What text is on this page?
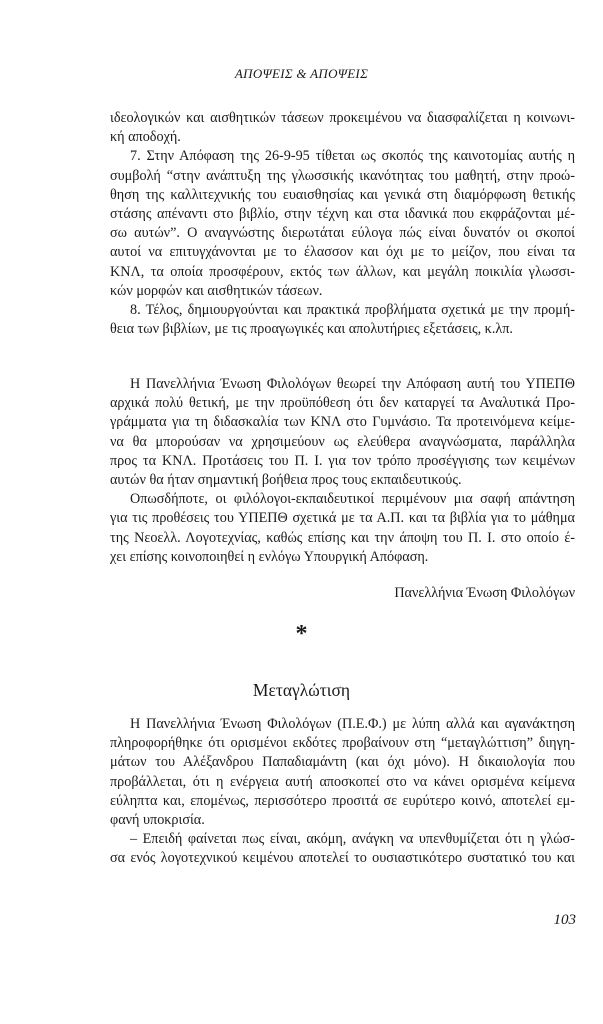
ΑΠΟΨΕΙΣ & ΑΠΟΨΕΙΣ
ιδεολογικών και αισθητικών τάσεων προκειμένου να διασφαλίζεται η κοινωνι-
κή αποδοχή.
7. Στην Απόφαση της 26-9-95 τίθεται ως σκοπός της καινοτομίας αυτής η
συμβολή “στην ανάπτυξη της γλωσσικής ικανότητας του μαθητή, στην προώ-
θηση της καλλιτεχνικής του ευαισθησίας και γενικά στη διαμόρφωση θετικής
στάσης απέναντι στο βιβλίο, στην τέχνη και στα ιδανικά που εκφράζονται μέ-
σω αυτών”. Ο αναγνώστης διερωτάται εύλογα πώς είναι δυνατόν οι σκοποί
αυτοί να επιτυγχάνονται με το έλασσον και όχι με το μείζον, που είναι τα
ΚΝΛ, τα οποία προσφέρουν, εκτός των άλλων, και μεγάλη ποικιλία γλωσσι-
κών μορφών και αισθητικών τάσεων.
8. Τέλος, δημιουργούνται και πρακτικά προβλήματα σχετικά με την προμή-
θεια των βιβλίων, με τις προαγωγικές και απολυτήριες εξετάσεις, κ.λπ.
Η Πανελλήνια Ένωση Φιλολόγων θεωρεί την Απόφαση αυτή του ΥΠΕΠΘ
αρχικά πολύ θετική, με την προϋπόθεση ότι δεν καταργεί τα Αναλυτικά Προ-
γράμματα για τη διδασκαλία των ΚΝΛ στο Γυμνάσιο. Τα προτεινόμενα κείμε-
να θα μπορούσαν να χρησιμεύουν ως ελεύθερα αναγνώσματα, παράλληλα
προς τα ΚΝΛ. Προτάσεις του Π. Ι. για τον τρόπο προσέγγισης των κειμένων
αυτών θα ήταν σημαντική βοήθεια προς τους εκπαιδευτικούς.
Οπωσδήποτε, οι φιλόλογοι-εκπαιδευτικοί περιμένουν μια σαφή απάντηση
για τις προθέσεις του ΥΠΕΠΘ σχετικά με τα Α.Π. και τα βιβλία για το μάθημα
της Νεοελλ. Λογοτεχνίας, καθώς επίσης και την άποψη του Π. Ι. στο οποίο έ-
χει επίσης κοινοποιηθεί η ενλόγω Υπουργική Απόφαση.
Πανελλήνια Ένωση Φιλολόγων
*
Μεταγλώτιση
Η Πανελλήνια Ένωση Φιλολόγων (Π.Ε.Φ.) με λύπη αλλά και αγανάκτηση
πληροφορήθηκε ότι ορισμένοι εκδότες προβαίνουν στη “μεταγλώττιση” διηγη-
μάτων του Αλέξανδρου Παπαδιαμάντη (και όχι μόνο). Η δικαιολογία που
προβάλλεται, ότι η ενέργεια αυτή αποσκοπεί στο να κάνει ορισμένα κείμενα
εύληπτα και, επομένως, περισσότερο προσιτά σε ευρύτερο κοινό, αποτελεί εμ-
φανή υποκρισία.
– Επειδή φαίνεται πως είναι, ακόμη, ανάγκη να υπενθυμίζεται ότι η γλώσ-
σα ενός λογοτεχνικού κειμένου αποτελεί το ουσιαστικότερο συστατικό του και
103
